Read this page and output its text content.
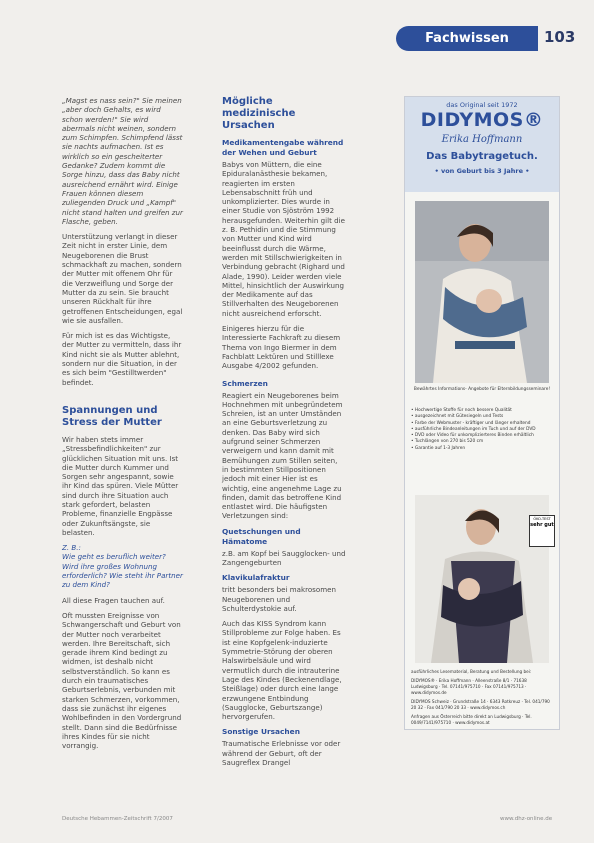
Fachwissen	103

„Magst es nass sein?" Sie meinen „aber doch Gehalts, es wird schon werden!" Sie wird abermals nicht weinen, sondern zum Schimpfen. Schimpfend lässt sie nachts aufmachen. Ist es wirklich so ein gescheiterter Gedanke? Zudem kommt die Sorge hinzu, dass das Baby nicht ausreichend ernährt wird. Einige Frauen können diesem zuliegenden Druck und „Kampf" nicht stand halten und greifen zur Flasche, geben.

Unterstützung verlangt in dieser Zeit nicht in erster Linie, dem Neugeborenen die Brust schmackhaft zu machen, sondern der Mutter mit offenem Ohr für die Verzweiflung und Sorge der Mutter da zu sein. Sie braucht unseren Rückhalt für ihre getroffenen Entscheidungen, egal wie sie ausfallen.

Für mich ist es das Wichtigste, der Mutter zu vermitteln, dass ihr Kind nicht sie als Mutter ablehnt, sondern nur die Situation, in der es sich beim "Gestilltwerden" befindet.

Spannungen und Stress der Mutter

Wir haben stets immer „Stressbefindlichkeiten" zur glücklichen Situation mit uns. Ist die Mutter durch Kummer und Sorgen sehr angespannt, sowie ihr Kind das spüren. Viele Mütter sind durch ihre Situation auch stark gefordert, belasten Probleme, finanzielle Engpässe oder Zukunftsängste, sie belasten.

Z. B.:

Wie geht es beruflich weiter? Wird ihre großes Wohnung erforderlich? Wie steht ihr Partner zu dem Kind?

All diese Fragen tauchen auf.

Oft mussten Ereignisse von Schwangerschaft und Geburt von der Mutter noch verarbeitet werden. Ihre Bereitschaft, sich gerade ihrem Kind bedingt zu widmen, ist deshalb nicht selbstverständlich. So kann es durch ein traumatisches Geburtserlebnis, verbunden mit starken Schmerzen, vorkommen, dass sie zunächst ihr eigenes Wohlbefinden in den Vordergrund stellt. Dann sind die Bedürfnisse ihres Kindes für sie nicht vorrangig.

Mögliche medizinische Ursachen
Medikamentengabe während der Wehen und Geburt

Babys von Müttern, die eine Epiduralanästhesie bekamen, reagierten im ersten Lebensabschnitt früh und unkomplizierter. Dies wurde in einer Studie von Sjöström 1992 herausgefunden. Weiterhin gilt die z. B. Pethidin und die Stimmung von Mutter und Kind wird beeinflusst durch die Wärme, werden mit Stillschwierigkeiten in Verbindung gebracht (Righard und Alade, 1990). Leider werden viele Mittel, hinsichtlich der Auswirkung der Medikamente auf das Stillverhalten des Neugeborenen nicht ausreichend erforscht.

Einigeres hierzu für die Interessierte Fachkraft zu diesem Thema von Ingo Biermer in dem Fachblatt Lektüren und Stilllexe Ausgabe 4/2002 gefunden.

Schmerzen

Reagiert ein Neugeborenes beim Hochnehmen mit unbegründetem Schreien, ist an unter Umständen an eine Geburtsverletzung zu denken. Das Baby wird sich aufgrund seiner Schmerzen verweigern und kann damit mit Bemühungen zum Stillen seiten, in bestimmten Stillpositionen jedoch mit einer Hier ist es wichtig, eine angenehme Lage zu finden, damit das betroffene Kind entlastet wird. Die häufigsten Verletzungen sind:

Quetschungen und Hämatome

z.B. am Kopf bei Saugglocken- und Zangengeburten

Klavikulafraktur

tritt besonders bei makrosomen Neugeborenen und Schulterdystokie auf.

Auch das KISS Syndrom kann Stillprobleme zur Folge haben. Es ist eine Kopfgelenk-induzierte Symmetrie-Störung der oberen Halswirbelsäule und wird vermutlich durch die intrauterine Lage des Kindes (Beckenendlage, Steißlage) oder durch eine lange erzwungene Entbindung (Saugglocke, Geburtszange) hervorgerufen.

Sonstige Ursachen

Traumatische Erlebnisse vor oder während der Geburt, oft der Saugreflex Drangel

das Original seit 1972
DIDYMOS®
Erika Hoffmann
Das Babytragetuch.
• von Geburt bis 3 Jahre •
Bewährtes Informations- Angebote für Elternbildungsseminare!
• Hochwertige Stoffe für noch bessere Qualität
• ausgezeichnet mit Gütesiegeln und Tests
• Farbe der Webmuster - kräftiger und länger erhaltend
• ausführliche Bindeanleitungen im Tuch und auf der DVD
• DVD oder Video für unkomplizierteres Binden erhältlich
• Tuchlängen von 270 bis 520 cm
• Garantie auf 1-3 Jahren
ÖKO-TEST
sehr gut
ausführliches Lesematerial, Beratung und Bestellung bei:
DIDYMOS® · Erika Hoffmann · Alleenstraße 8/1 · 71638 Ludwigsburg · Tel. 07141/975710 · Fax 07141/975713 · www.didymos.de
DIDYMOS Schweiz · Grundstraße 14 · 6343 Rotkreuz · Tel. 041/790 20 32 · Fax 041/790 20 33 · www.didymos.ch
Anfragen aus Österreich bitte direkt an Ludwigsburg · Tel. 0049/7141/975710 · www.didymos.at
Deutsche Hebammen-Zeitschrift 7/2007	www.dhz-online.de
